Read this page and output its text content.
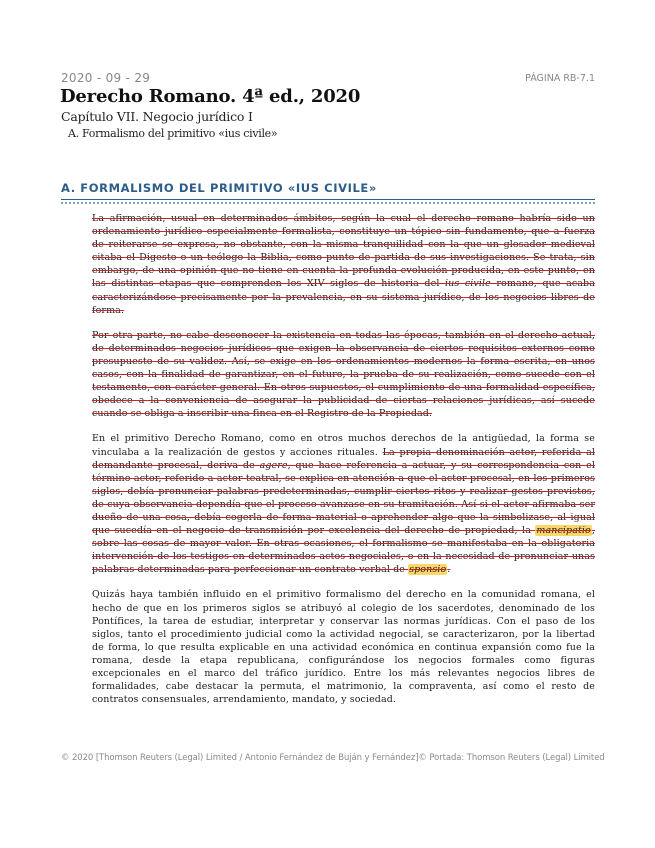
2020 - 09 - 29	PÁGINA RB-7.1
Derecho Romano. 4ª ed., 2020
Capítulo VII. Negocio jurídico I
A. Formalismo del primitivo «ius civile»
A. FORMALISMO DEL PRIMITIVO «IUS CIVILE»

La afirmación, usual en determinados ámbitos, según la cual el derecho romano habría sido un ordenamiento jurídico especialmente formalista, constituye un tópico sin fundamento, que a fuerza de reiterarse se expresa, no obstante, con la misma tranquilidad con la que un glosador medieval citaba el Digesto o un teólogo la Biblia, como punto de partida de sus investigaciones. Se trata, sin embargo, de una opinión que no tiene en cuenta la profunda evolución producida, en este punto, en las distintas etapas que comprenden los XIV siglos de historia del ius civile romano, que acaba caracterizándose precisamente por la prevalencia, en su sistema jurídico, de los negocios libres de forma.

Por otra parte, no cabe desconocer la existencia en todas las épocas, también en el derecho actual, de determinados negocios jurídicos que exigen la observancia de ciertos requisitos externos como presupuesto de su validez. Así, se exige en los ordenamientos modernos la forma escrita, en unos casos, con la finalidad de garantizar, en el futuro, la prueba de su realización, como sucede con el testamento, con carácter general. En otros supuestos, el cumplimiento de una formalidad específica, obedece a la conveniencia de asegurar la publicidad de ciertas relaciones jurídicas, así sucede cuando se obliga a inscribir una finca en el Registro de la Propiedad.

En el primitivo Derecho Romano, como en otros muchos derechos de la antigüedad, la forma se vinculaba a la realización de gestos y acciones rituales. La propia denominación actor, referida al demandante procesal, deriva de agere, que hace referencia a actuar, y su correspondencia con el término actor, referido a actor teatral, se explica en atención a que el actor procesal, en los primeros siglos, debía pronunciar palabras predeterminadas, cumplir ciertos ritos y realizar gestos previstos, de cuya observancia dependía que el proceso avanzase en su tramitación. Así si el actor afirmaba ser dueño de una cosa, debía cogerla de forma material o aprehender algo que la simbolizase, al igual que sucedía en el negocio de transmisión por excelencia del derecho de propiedad, la mancipatio, sobre las cosas de mayor valor. En otras ocasiones, el formalismo se manifestaba en la obligatoria intervención de los testigos en determinados actos negociales, o en la necesidad de pronunciar unas palabras determinadas para perfeccionar un contrato verbal de sponsio.

Quizás haya también influido en el primitivo formalismo del derecho en la comunidad romana, el hecho de que en los primeros siglos se atribuyó al colegio de los sacerdotes, denominado de los Pontífices, la tarea de estudiar, interpretar y conservar las normas jurídicas. Con el paso de los siglos, tanto el procedimiento judicial como la actividad negocial, se caracterizaron, por la libertad de forma, lo que resulta explicable en una actividad económica en continua expansión como fue la romana, desde la etapa republicana, configurándose los negocios formales como figuras excepcionales en el marco del tráfico jurídico. Entre los más relevantes negocios libres de formalidades, cabe destacar la permuta, el matrimonio, la compraventa, así como el resto de contratos consensuales, arrendamiento, mandato, y sociedad.

© 2020 [Thomson Reuters (Legal) Limited / Antonio Fernández de Buján y Fernández]© Portada: Thomson Reuters (Legal) Limited
